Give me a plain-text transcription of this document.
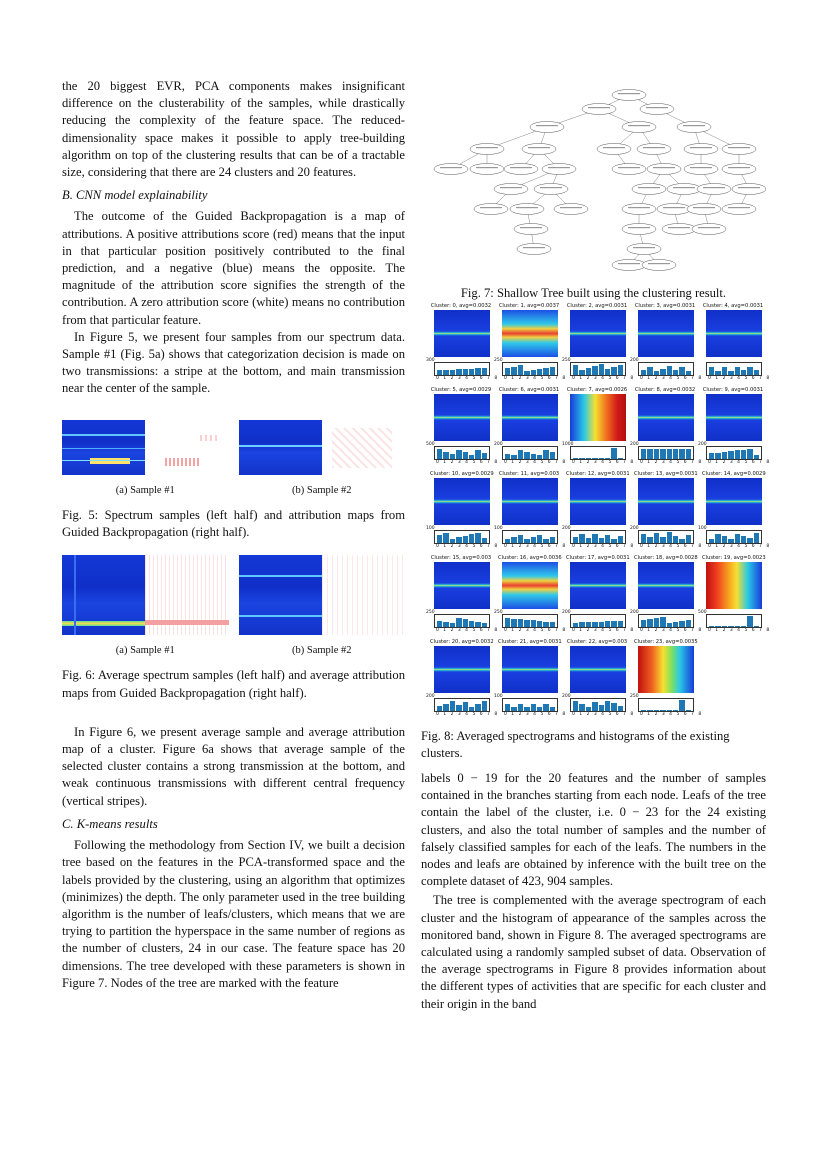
the 20 biggest EVR, PCA components makes insignificant difference on the clusterability of the samples, while drastically reducing the complexity of the feature space. The reduced-dimensionality space makes it possible to apply tree-building algorithm on top of the clustering results that can be of a tractable size, considering that there are 24 clusters and 20 features.

B. CNN model explainability

The outcome of the Guided Backpropagation is a map of attributions. A positive attributions score (red) means that the input in that particular position positively contributed to the final prediction, and a negative (blue) means the opposite. The magnitude of the attribution score signifies the strength of the contribution. A zero attribution score (white) means no contribution from that particular feature.

In Figure 5, we present four samples from our spectrum data. Sample #1 (Fig. 5a) shows that categorization decision is made on two transmissions: a stripe at the bottom, and main transmission near the center of the sample.

(a) Sample #1	(b) Sample #2

Fig. 5: Spectrum samples (left half) and attribution maps from Guided Backpropagation (right half).

(a) Sample #1	(b) Sample #2

Fig. 6: Average spectrum samples (left half) and average attribution maps from Guided Backpropagation (right half).

In Figure 6, we present average sample and average attribution map of a cluster. Figure 6a shows that average sample of the selected cluster contains a strong transmission at the bottom, and weak continuous transmissions with different central frequency (vertical stripes).

C. K-means results

Following the methodology from Section IV, we built a decision tree based on the features in the PCA-transformed space and the labels provided by the clustering, using an algorithm that optimizes (minimizes) the depth. The only parameter used in the tree building algorithm is the number of leafs/clusters, which means that we are trying to partition the hyperspace in the same number of regions as the number of clusters, 24 in our case. The feature space has 20 dimensions. The tree developed with these parameters is shown in Figure 7. Nodes of the tree are marked with the feature

Fig. 7: Shallow Tree built using the clustering result.

Cluster: 0, avg=0.0032
300
0 1 2 3 4 5 6 7 8
Cluster: 1, avg=0.0037
250
0 1 2 3 4 5 6 7 8
Cluster: 2, avg=0.0031
250
0 1 2 3 4 5 6 7 8
Cluster: 3, avg=0.0031
200
0 1 2 3 4 5 6 7 8
Cluster: 4, avg=0.0031
0 1 2 3 4 5 6 7 8
Cluster: 5, avg=0.0029
500
0 1 2 3 4 5 6 7 8
Cluster: 6, avg=0.0031
200
0 1 2 3 4 5 6 7 8
Cluster: 7, avg=0.0026
1000
0 1 2 3 4 5 6 7 8
Cluster: 8, avg=0.0032
200
0 1 2 3 4 5 6 7 8
Cluster: 9, avg=0.0031
200
0 1 2 3 4 5 6 7 8
Cluster: 10, avg=0.0029
100
0 1 2 3 4 5 6 7 8
Cluster: 11, avg=0.003
100
0 1 2 3 4 5 6 7 8
Cluster: 12, avg=0.0031
200
0 1 2 3 4 5 6 7 8
Cluster: 13, avg=0.0031
200
0 1 2 3 4 5 6 7 8
Cluster: 14, avg=0.0029
100
0 1 2 3 4 5 6 7 8
Cluster: 15, avg=0.003
250
0 1 2 3 4 5 6 7 8
Cluster: 16, avg=0.0036
250
0 1 2 3 4 5 6 7 8
Cluster: 17, avg=0.0031
200
0 1 2 3 4 5 6 7 8
Cluster: 18, avg=0.0028
200
0 1 2 3 4 5 6 7 8
Cluster: 19, avg=0.0023
500
0 1 2 3 4 5 6 7 8
Cluster: 20, avg=0.0032
200
0 1 2 3 4 5 6 7 8
Cluster: 21, avg=0.0031
100
0 1 2 3 4 5 6 7 8
Cluster: 22, avg=0.003
200
0 1 2 3 4 5 6 7 8
Cluster: 23, avg=0.0035
250
0 1 2 3 4 5 6 7 8

Fig. 8: Averaged spectrograms and histograms of the existing clusters.

labels 0 − 19 for the 20 features and the number of samples contained in the branches starting from each node. Leafs of the tree contain the label of the cluster, i.e. 0 − 23 for the 24 existing clusters, and also the total number of samples and the number of falsely classified samples for each of the leafs. The numbers in the nodes and leafs are obtained by inference with the built tree on the complete dataset of 423, 904 samples.

The tree is complemented with the average spectrogram of each cluster and the histogram of appearance of the samples across the monitored band, shown in Figure 8. The averaged spectrograms are calculated using a randomly sampled subset of data. Observation of the average spectrograms in Figure 8 provides information about the different types of activities that are specific for each cluster and their origin in the band
